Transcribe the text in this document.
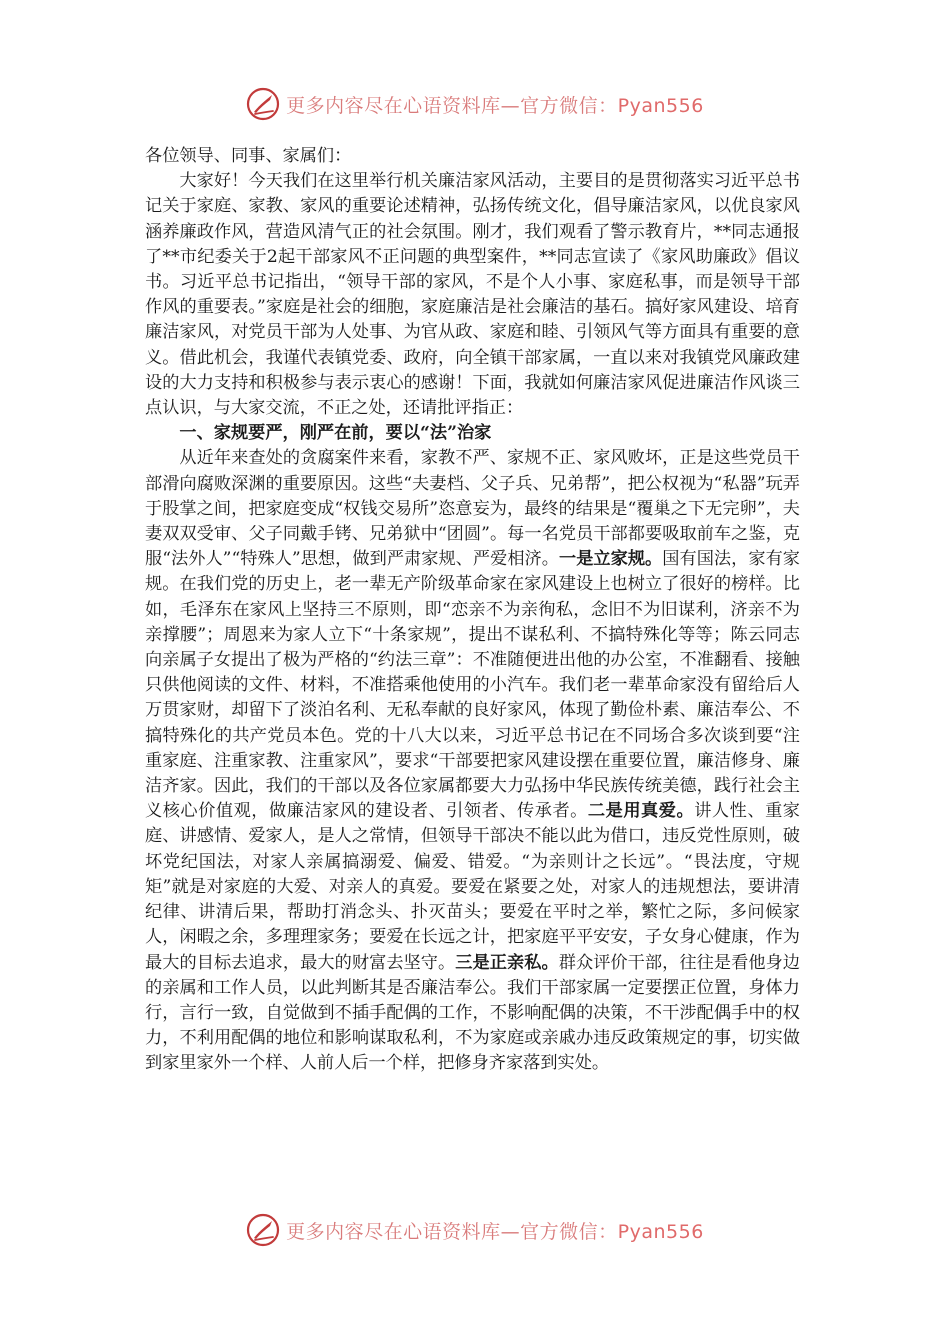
更多内容尽在心语资料库—官方微信：Pyan556

各位领导、同事、家属们：

大家好！今天我们在这里举行机关廉洁家风活动，主要目的是贯彻落实习近平总书记关于家庭、家教、家风的重要论述精神，弘扬传统文化，倡导廉洁家风，以优良家风涵养廉政作风，营造风清气正的社会氛围。刚才，我们观看了警示教育片，**同志通报了**市纪委关于2起干部家风不正问题的典型案件，**同志宣读了《家风助廉政》倡议书。习近平总书记指出，“领导干部的家风，不是个人小事、家庭私事，而是领导干部作风的重要表。”家庭是社会的细胞，家庭廉洁是社会廉洁的基石。搞好家风建设、培育廉洁家风，对党员干部为人处事、为官从政、家庭和睦、引领风气等方面具有重要的意义。借此机会，我谨代表镇党委、政府，向全镇干部家属，一直以来对我镇党风廉政建设的大力支持和积极参与表示衷心的感谢！下面，我就如何廉洁家风促进廉洁作风谈三点认识，与大家交流，不正之处，还请批评指正：

一、家规要严，刚严在前，要以“法”治家

从近年来查处的贪腐案件来看，家教不严、家规不正、家风败坏，正是这些党员干部滑向腐败深渊的重要原因。这些“夫妻档、父子兵、兄弟帮”，把公权视为“私器”玩弄于股掌之间，把家庭变成“权钱交易所”恣意妄为，最终的结果是“覆巢之下无完卵”，夫妻双双受审、父子同戴手铐、兄弟狱中“团圆”。每一名党员干部都要吸取前车之鉴，克服“法外人”“特殊人”思想，做到严肃家规、严爱相济。一是立家规。国有国法，家有家规。在我们党的历史上，老一辈无产阶级革命家在家风建设上也树立了很好的榜样。比如，毛泽东在家风上坚持三不原则，即“恋亲不为亲徇私，念旧不为旧谋利，济亲不为亲撑腰”；周恩来为家人立下“十条家规”，提出不谋私利、不搞特殊化等等；陈云同志向亲属子女提出了极为严格的“约法三章”：不准随便进出他的办公室，不准翻看、接触只供他阅读的文件、材料，不准搭乘他使用的小汽车。我们老一辈革命家没有留给后人万贯家财，却留下了淡泊名利、无私奉献的良好家风，体现了勤俭朴素、廉洁奉公、不搞特殊化的共产党员本色。党的十八大以来，习近平总书记在不同场合多次谈到要“注重家庭、注重家教、注重家风”，要求“干部要把家风建设摆在重要位置，廉洁修身、廉洁齐家。因此，我们的干部以及各位家属都要大力弘扬中华民族传统美德，践行社会主义核心价值观，做廉洁家风的建设者、引领者、传承者。二是用真爱。讲人性、重家庭、讲感情、爱家人，是人之常情，但领导干部决不能以此为借口，违反党性原则，破坏党纪国法，对家人亲属搞溺爱、偏爱、错爱。“为亲则计之长远”。“畏法度，守规矩”就是对家庭的大爱、对亲人的真爱。要爱在紧要之处，对家人的违规想法，要讲清纪律、讲清后果，帮助打消念头、扑灭苗头；要爱在平时之举，繁忙之际，多问候家人，闲暇之余，多理理家务；要爱在长远之计，把家庭平平安安，子女身心健康，作为最大的目标去追求，最大的财富去坚守。三是正亲私。群众评价干部，往往是看他身边的亲属和工作人员，以此判断其是否廉洁奉公。我们干部家属一定要摆正位置，身体力行，言行一致，自觉做到不插手配偶的工作，不影响配偶的决策，不干涉配偶手中的权力，不利用配偶的地位和影响谋取私利，不为家庭或亲戚办违反政策规定的事，切实做到家里家外一个样、人前人后一个样，把修身齐家落到实处。

更多内容尽在心语资料库—官方微信：Pyan556
